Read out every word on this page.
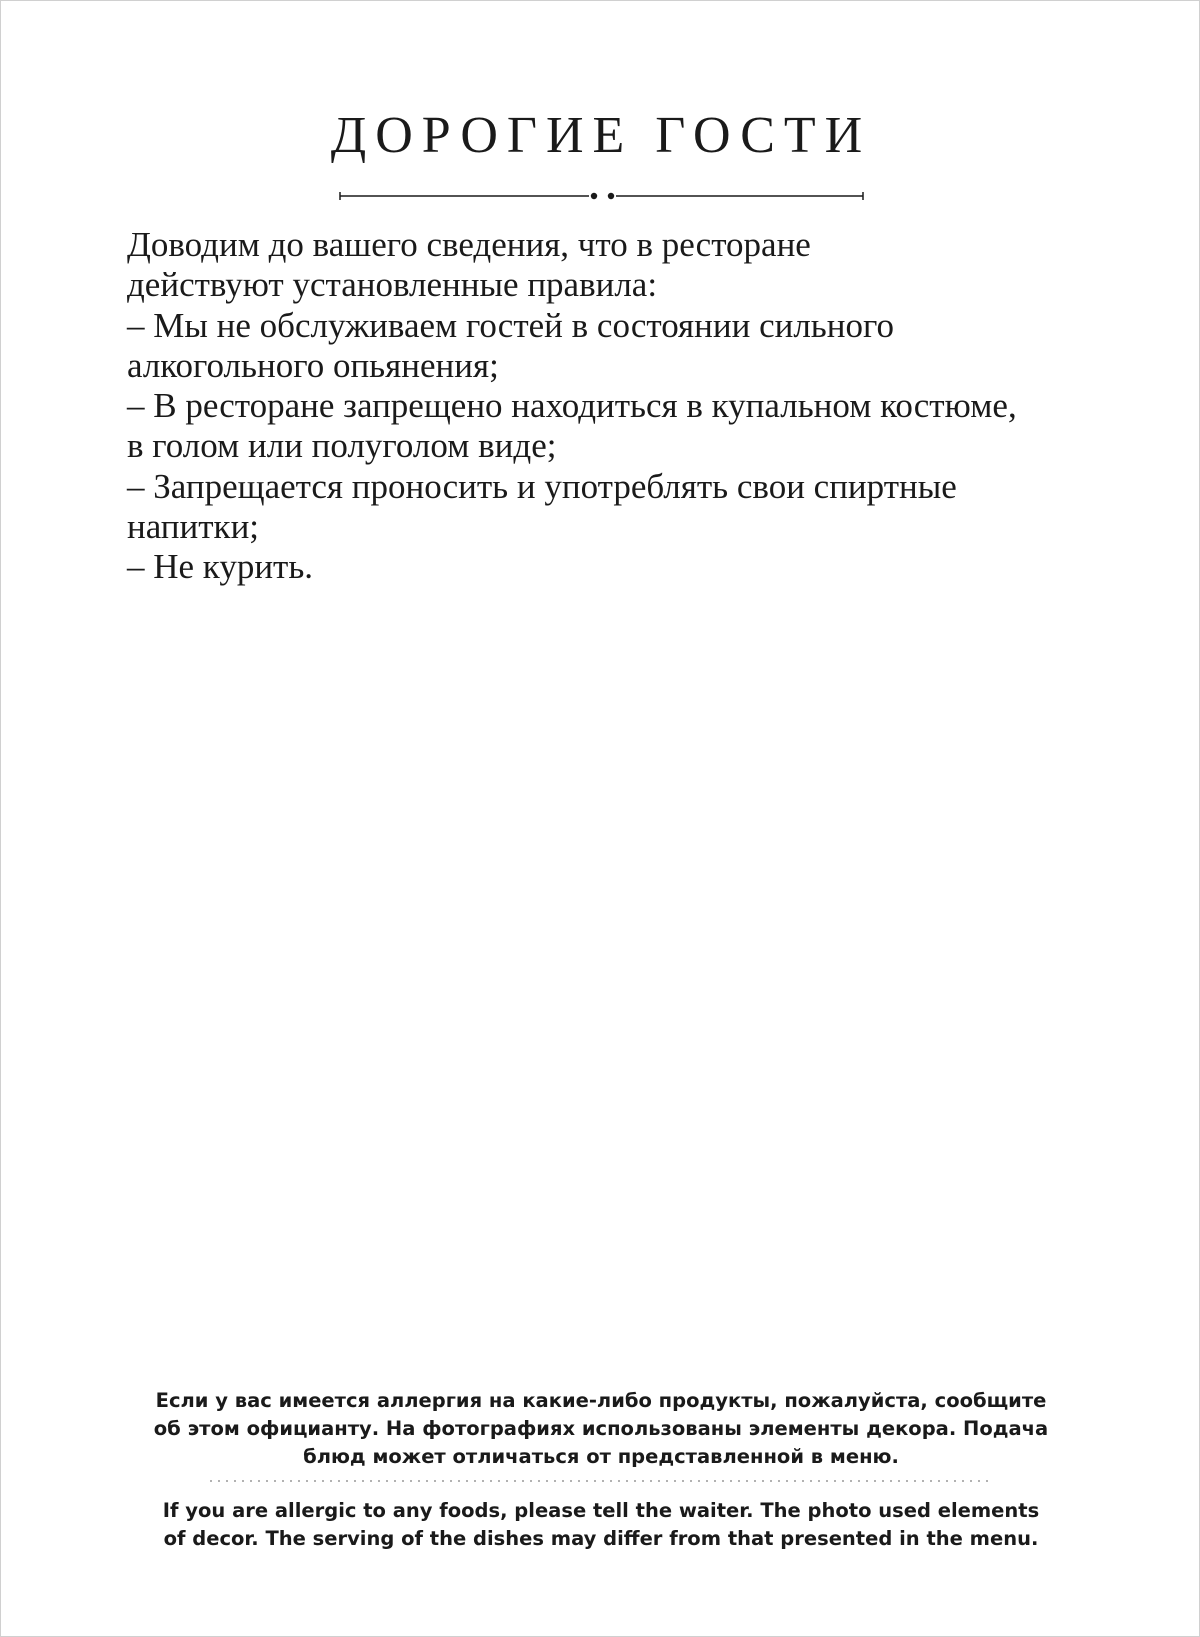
ДОРОГИЕ ГОСТИ
Доводим до вашего сведения, что в ресторане
действуют установленные правила:
– Мы не обслуживаем гостей в состоянии сильного
алкогольного опьянения;
– В ресторане запрещено находиться в купальном костюме,
в голом или полуголом виде;
– Запрещается проносить и употреблять свои спиртные
напитки;
– Не курить.
Если у вас имеется аллергия на какие-либо продукты, пожалуйста, сообщите
об этом официанту. На фотографиях использованы элементы декора. Подача
блюд может отличаться от представленной в меню.
If you are allergic to any foods, please tell the waiter. The photo used elements
of decor. The serving of the dishes may differ from that presented in the menu.
